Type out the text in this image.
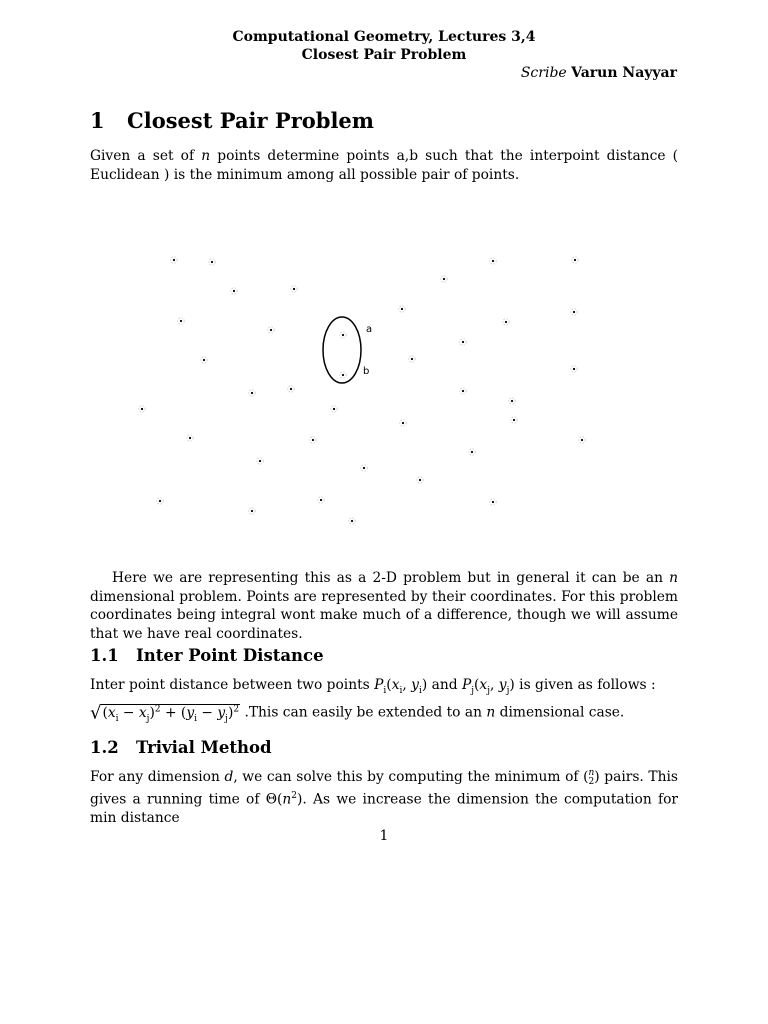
Computational Geometry, Lectures 3,4
Closest Pair Problem
Scribe Varun Nayyar
1 Closest Pair Problem
Given a set of n points determine points a,b such that the interpoint distance ( Euclidean ) is the minimum among all possible pair of points.
a
b
Here we are representing this as a 2-D problem but in general it can be an n dimensional problem. Points are represented by their coordinates. For this problem coordinates being integral wont make much of a difference, though we will assume that we have real coordinates.
1.1 Inter Point Distance
Inter point distance between two points $P_i(x_i$, $y_i$) and $P_j(x_j$, $y_j$) is given as follows :
$√(x_i - x_j)^2 + (y_i - y_j)^2$ .This can easily be extended to an n dimensional case.
1.2 Trivial Method
For any dimension d, we can solve this by computing the minimum of (n
2) pairs. This gives a running time of $\Theta(n^2)$. As we increase the dimension the computation for min distance
1
